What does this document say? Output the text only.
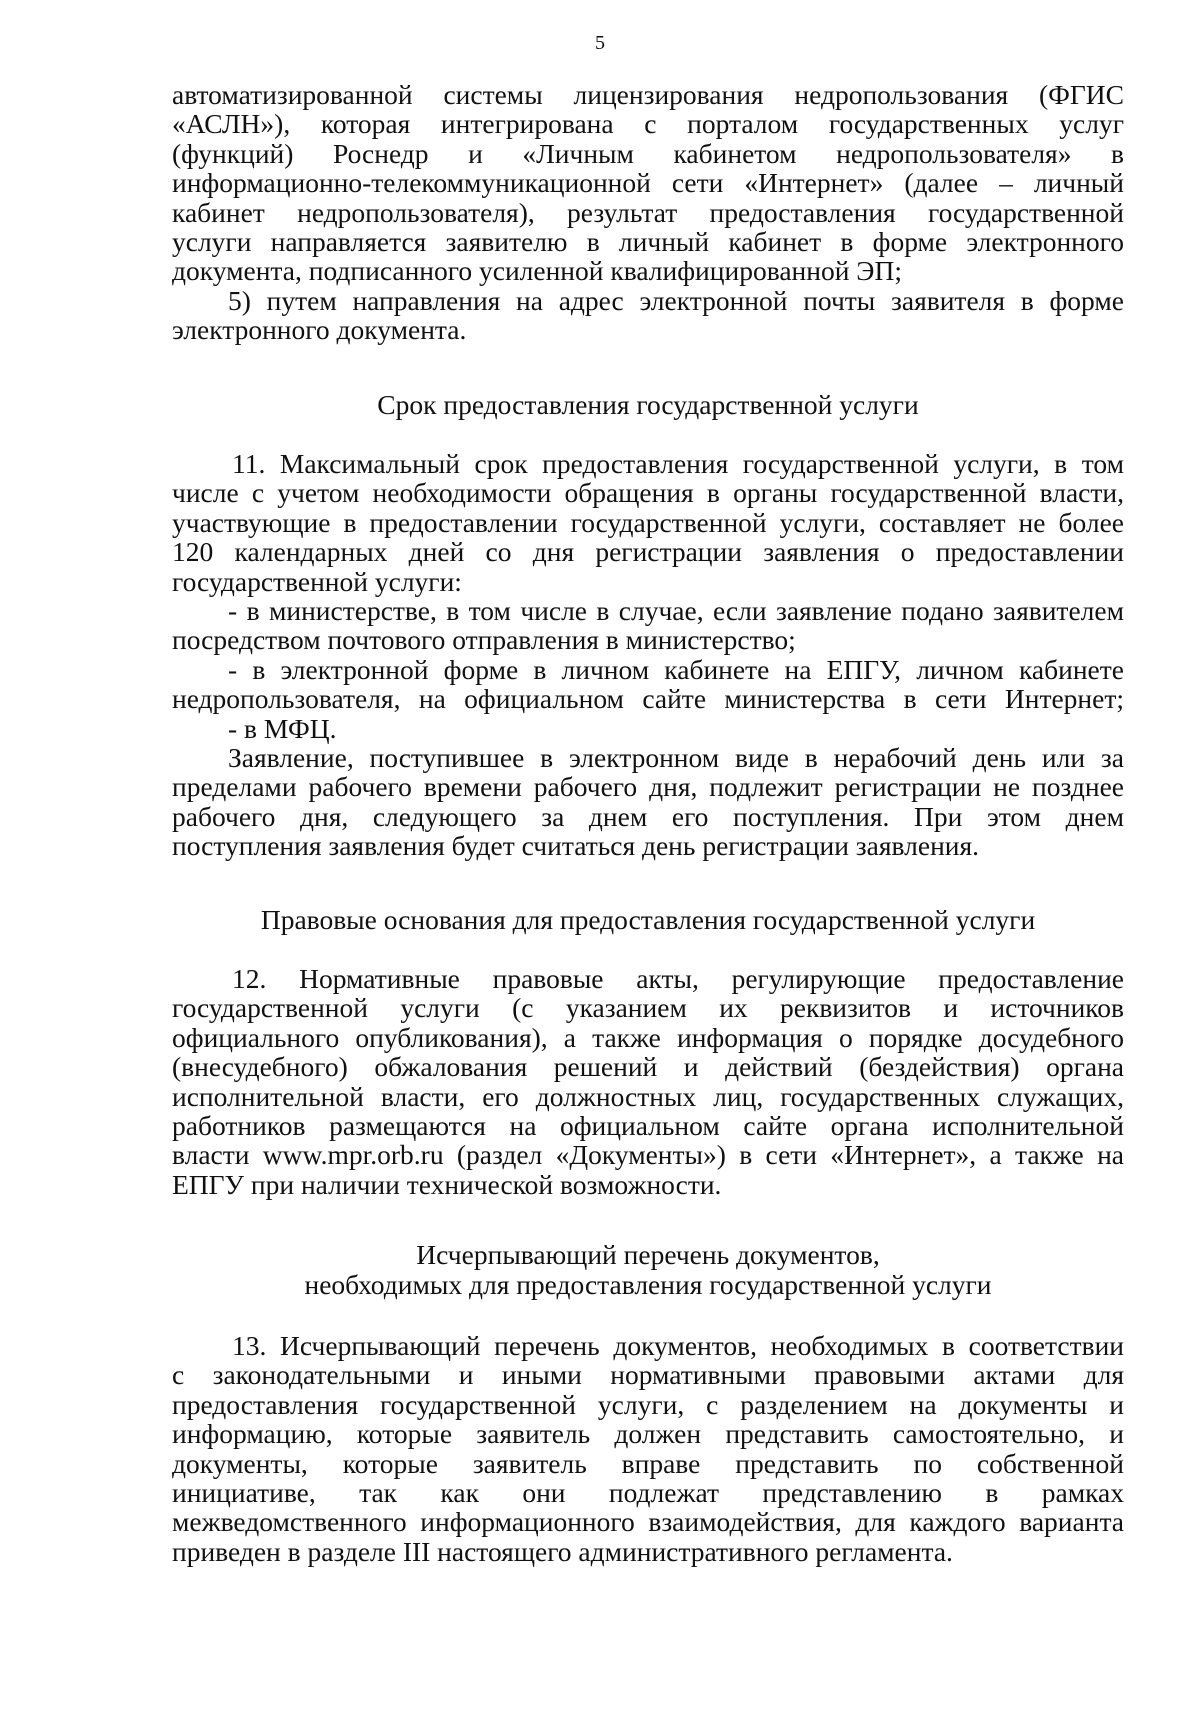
5
автоматизированной системы лицензирования недропользования (ФГИС
«АСЛН»), которая интегрирована с порталом государственных услуг
(функций) Роснедр и «Личным кабинетом недропользователя» в
информационно-телекоммуникационной сети «Интернет» (далее – личный
кабинет недропользователя), результат предоставления государственной
услуги направляется заявителю в личный кабинет в форме электронного
документа, подписанного усиленной квалифицированной ЭП;
5) путем направления на адрес электронной почты заявителя в форме
электронного документа.
Срок предоставления государственной услуги
11. Максимальный срок предоставления государственной услуги, в том
числе с учетом необходимости обращения в органы государственной власти,
участвующие в предоставлении государственной услуги, составляет не более
120 календарных дней со дня регистрации заявления о предоставлении
государственной услуги:
- в министерстве, в том числе в случае, если заявление подано заявителем
посредством почтового отправления в министерство;
- в электронной форме в личном кабинете на ЕПГУ, личном кабинете
недропользователя, на официальном сайте министерства в сети Интернет;
- в МФЦ.
Заявление, поступившее в электронном виде в нерабочий день или за
пределами рабочего времени рабочего дня, подлежит регистрации не позднее
рабочего дня, следующего за днем его поступления. При этом днем
поступления заявления будет считаться день регистрации заявления.
Правовые основания для предоставления государственной услуги
12. Нормативные правовые акты, регулирующие предоставление
государственной услуги (с указанием их реквизитов и источников
официального опубликования), а также информация о порядке досудебного
(внесудебного) обжалования решений и действий (бездействия) органа
исполнительной власти, его должностных лиц, государственных служащих,
работников размещаются на официальном сайте органа исполнительной
власти www.mpr.orb.ru (раздел «Документы») в сети «Интернет», а также на
ЕПГУ при наличии технической возможности.
Исчерпывающий перечень документов,
необходимых для предоставления государственной услуги
13. Исчерпывающий перечень документов, необходимых в соответствии
с законодательными и иными нормативными правовыми актами для
предоставления государственной услуги, с разделением на документы и
информацию, которые заявитель должен представить самостоятельно, и
документы, которые заявитель вправе представить по собственной
инициативе, так как они подлежат представлению в рамках
межведомственного информационного взаимодействия, для каждого варианта
приведен в разделе III настоящего административного регламента.
